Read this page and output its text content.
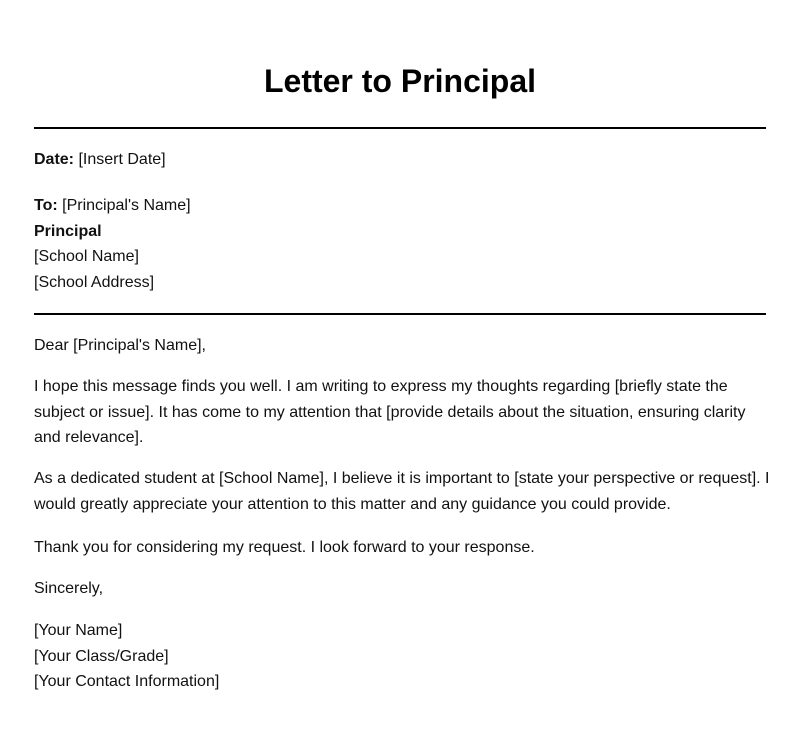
Letter to Principal

Date: [Insert Date]

To: [Principal's Name]
Principal
[School Name]
[School Address]

Dear [Principal's Name],

I hope this message finds you well. I am writing to express my thoughts regarding [briefly state the subject or issue]. It has come to my attention that [provide details about the situation, ensuring clarity and relevance].

As a dedicated student at [School Name], I believe it is important to [state your perspective or request]. I would greatly appreciate your attention to this matter and any guidance you could provide.

Thank you for considering my request. I look forward to your response.

Sincerely,

[Your Name]
[Your Class/Grade]
[Your Contact Information]
